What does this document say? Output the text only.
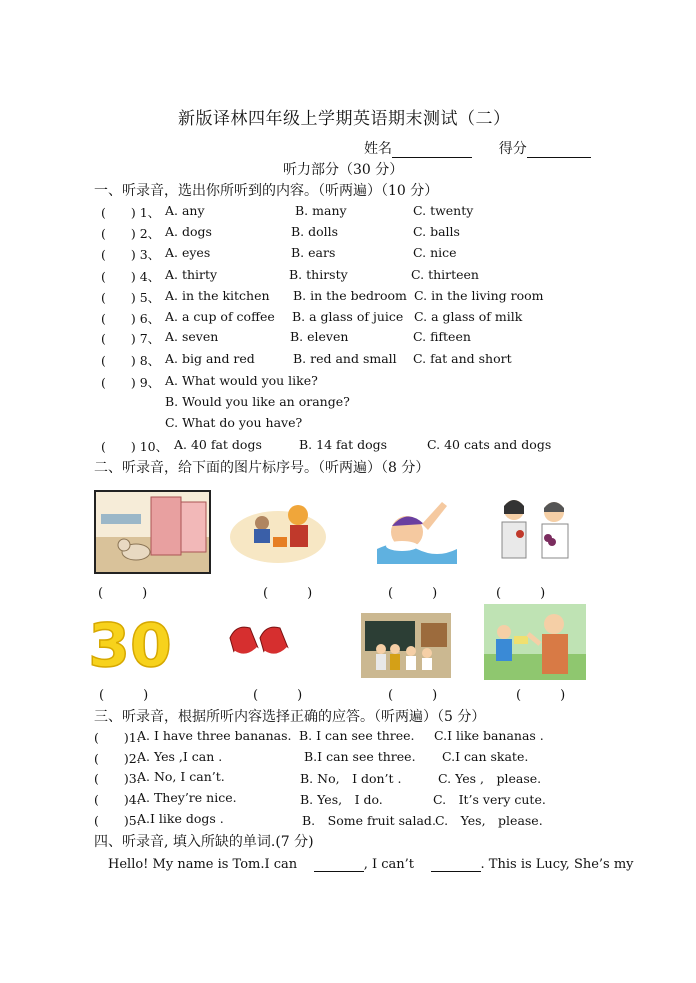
新版译林四年级上学期英语期末测试（二）
姓名	得分
听力部分（30 分）
一、听录音，选出你所听到的内容。（听两遍）（10 分）
(　　) 1、 A. any	B. many	C. twenty
(　　) 2、 A. dogs	B. dolls	C. balls
(　　) 3、 A. eyes	B. ears	C. nice
(　　) 4、 A. thirty	B. thirsty	C. thirteen
(　　) 5、 A. in the kitchen B. in the bedroom C. in the living room
(　　) 6、 A. a cup of coffee B. a glass of juice C. a glass of milk
(　　) 7、 A. seven	B. eleven	C. fifteen
(　　) 8、 A. big and red	B. red and small C. fat and short
(　　) 9、 A. What would you like?
B. Would you like an orange?
C. What do you have?
(　　) 10、 A. 40 fat dogs	B. 14 fat dogs	C. 40 cats and dogs
二、听录音，给下面的图片标序号。（听两遍）（8 分）
(　　　)	(　　　)	(　　　)	(　　　)
30
(　　　)	(　　　)	(　　　)	(　　　)
三、听录音，根据所听内容选择正确的应答。（听两遍）（5 分）
(　　)1.
A. I have three bananas. B. I can see three. C.I like bananas .
(　　)2.
A. Yes ,I can .	B.I can see three. C.I can skate.
(　　)3.
A. No, I can’t.	B. No,　I don’t .	C. Yes ,　please.
(　　)4.
A. They’re nice.	B. Yes,　I do.	C.　It’s very cute.
(　　)5.
A.I like dogs .	B.　Some fruit salad. C.　Yes,　please.
四、听录音, 填入所缺的单词.(7 分)
Hello! My name is Tom.I can	, I can’t	. This is Lucy, She’s my
